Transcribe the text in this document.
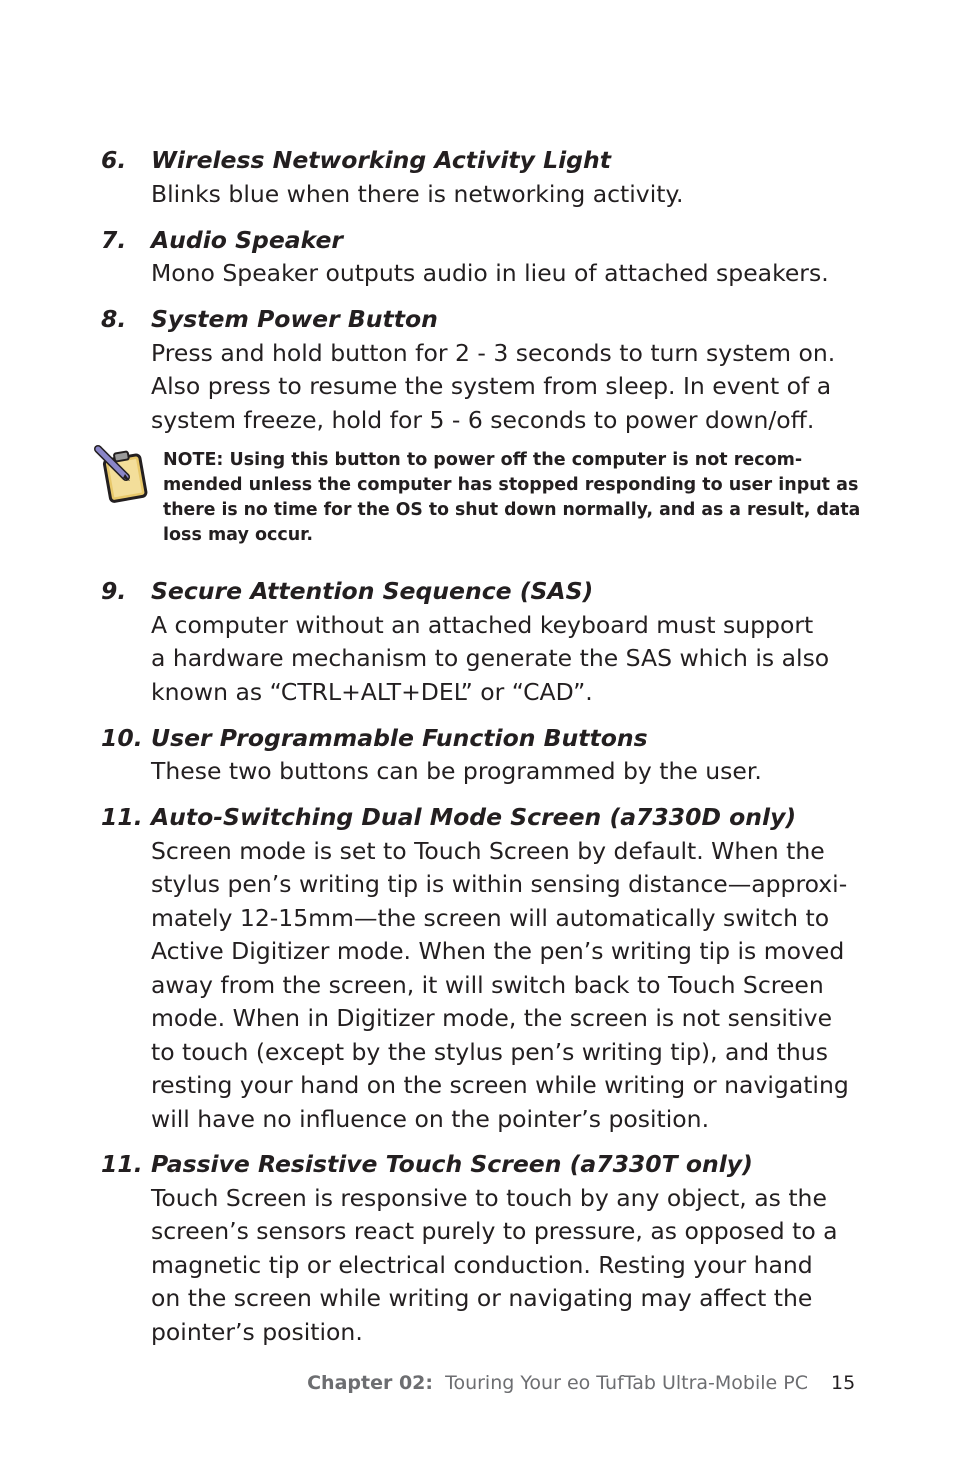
6. Wireless Networking Activity Light
Blinks blue when there is networking activity.
7. Audio Speaker
Mono Speaker outputs audio in lieu of attached speakers.
8. System Power Button
Press and hold button for 2 - 3 seconds to turn system on.
Also press to resume the system from sleep. In event of a
system freeze, hold for 5 - 6 seconds to power down/off.
NOTE: Using this button to power off the computer is not recom-
mended unless the computer has stopped responding to user input as
there is no time for the OS to shut down normally, and as a result, data
loss may occur.
9. Secure Attention Sequence (SAS)
A computer without an attached keyboard must support
a hardware mechanism to generate the SAS which is also
known as “CTRL+ALT+DEL” or “CAD”.
10. User Programmable Function Buttons
These two buttons can be programmed by the user.
11. Auto-Switching Dual Mode Screen (a7330D only)
Screen mode is set to Touch Screen by default. When the
stylus pen’s writing tip is within sensing distance—approxi-
mately 12-15mm—the screen will automatically switch to
Active Digitizer mode. When the pen’s writing tip is moved
away from the screen, it will switch back to Touch Screen
mode. When in Digitizer mode, the screen is not sensitive
to touch (except by the stylus pen’s writing tip), and thus
resting your hand on the screen while writing or navigating
will have no influence on the pointer’s position.
11. Passive Resistive Touch Screen (a7330T only)
Touch Screen is responsive to touch by any object, as the
screen’s sensors react purely to pressure, as opposed to a
magnetic tip or electrical conduction. Resting your hand
on the screen while writing or navigating may affect the
pointer’s position.
Chapter 02: Touring Your eo TufTab Ultra-Mobile PC 15
